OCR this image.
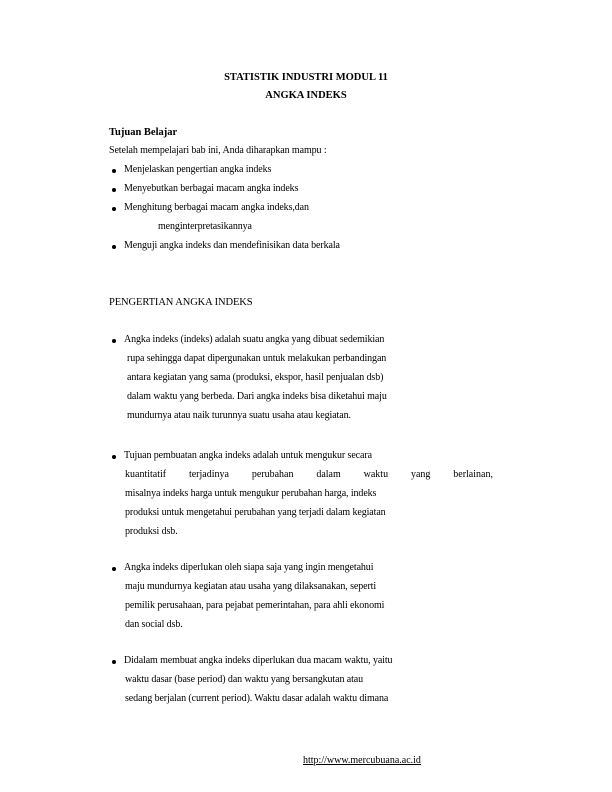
STATISTIK INDUSTRI MODUL 11
ANGKA INDEKS
Tujuan Belajar
Setelah mempelajari bab ini, Anda diharapkan mampu :
Menjelaskan pengertian angka indeks
Menyebutkan berbagai macam angka indeks
Menghitung berbagai macam angka indeks,dan
menginterpretasikannya
Menguji angka indeks dan mendefinisikan data berkala
PENGERTIAN ANGKA INDEKS
Angka indeks (indeks) adalah suatu angka yang dibuat sedemikian
rupa sehingga dapat dipergunakan untuk melakukan perbandingan
antara kegiatan yang sama (produksi, ekspor, hasil penjualan dsb)
dalam waktu yang berbeda. Dari angka indeks bisa diketahui maju
mundurnya atau naik turunnya suatu usaha atau kegiatan.
Tujuan pembuatan angka indeks adalah untuk mengukur secara
kuantitatif terjadinya perubahan dalam waktu yang berlainan,
misalnya indeks harga untuk mengukur perubahan harga, indeks
produksi untuk mengetahui perubahan yang terjadi dalam kegiatan
produksi dsb.
Angka indeks diperlukan oleh siapa saja yang ingin mengetahui
maju mundurnya kegiatan atau usaha yang dilaksanakan, seperti
pemilik perusahaan, para pejabat pemerintahan, para ahli ekonomi
dan social dsb.
Didalam membuat angka indeks diperlukan dua macam waktu, yaitu
waktu dasar (base period) dan waktu yang bersangkutan atau
sedang berjalan (current period). Waktu dasar adalah waktu dimana
http://www.mercubuana.ac.id
